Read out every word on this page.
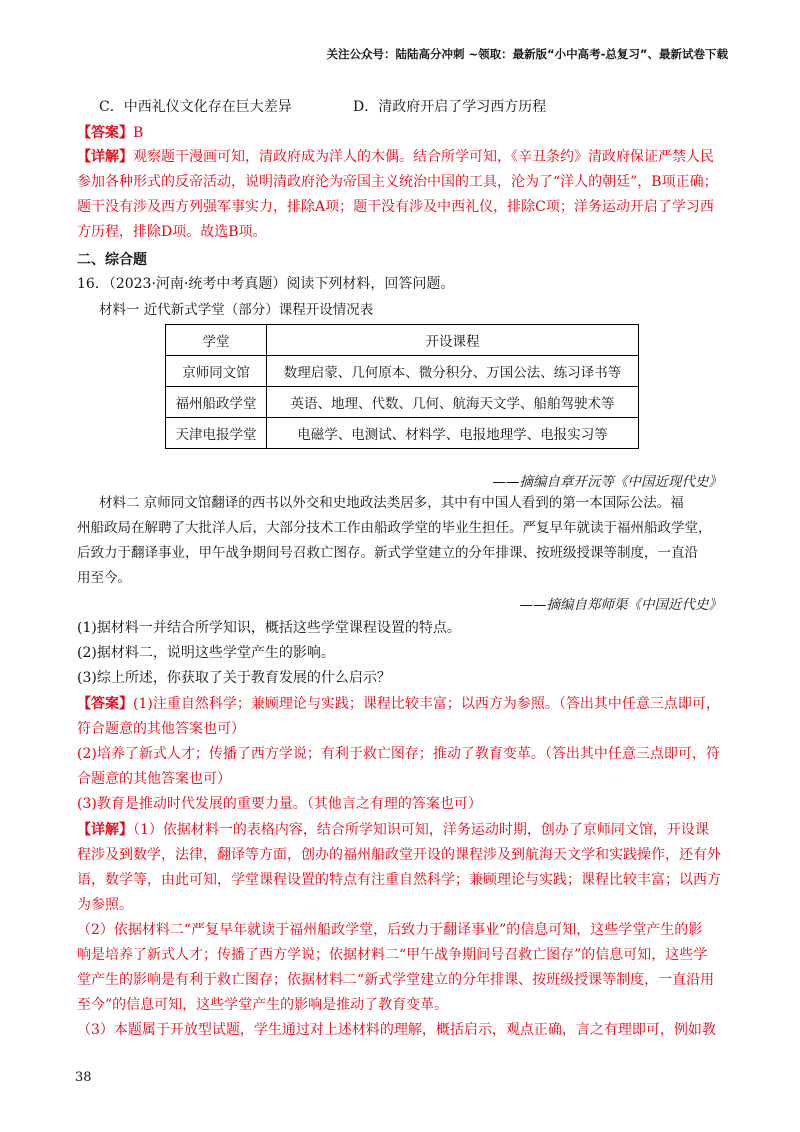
关注公众号：陆陆高分冲刺 ~领取：最新版“小中高考-总复习”、最新试卷下载
C．中西礼仪文化存在巨大差异	D．清政府开启了学习西方历程
【答案】B
【详解】观察题干漫画可知，清政府成为洋人的木偶。结合所学可知，《辛丑条约》清政府保证严禁人民
参加各种形式的反帝活动，说明清政府沦为帝国主义统治中国的工具，沦为了“洋人的朝廷”，B项正确；
题干没有涉及西方列强军事实力，排除A项；题干没有涉及中西礼仪，排除C项；洋务运动开启了学习西
方历程，排除D项。故选B项。
二、综合题
16．（2023·河南·统考中考真题）阅读下列材料，回答问题。
材料一 近代新式学堂（部分）课程开设情况表
学堂	开设课程
京师同文馆	数理启蒙、几何原本、微分积分、万国公法、练习译书等
福州船政学堂	英语、地理、代数、几何、航海天文学、船舶驾驶术等
天津电报学堂	电磁学、电测试、材料学、电报地理学、电报实习等
——摘编自章开沅等《中国近现代史》
材料二 京师同文馆翻译的西书以外交和史地政法类居多，其中有中国人看到的第一本国际公法。福
州船政局在解聘了大批洋人后，大部分技术工作由船政学堂的毕业生担任。严复早年就读于福州船政学堂，
后致力于翻译事业，甲午战争期间号召救亡图存。新式学堂建立的分年排课、按班级授课等制度，一直沿
用至今。
——摘编自郑师渠《中国近代史》
(1)据材料一并结合所学知识，概括这些学堂课程设置的特点。
(2)据材料二，说明这些学堂产生的影响。
(3)综上所述，你获取了关于教育发展的什么启示？
【答案】(1)注重自然科学；兼顾理论与实践；课程比较丰富；以西方为参照。（答出其中任意三点即可，
符合题意的其他答案也可）
(2)培养了新式人才；传播了西方学说；有利于救亡图存；推动了教育变革。（答出其中任意三点即可，符
合题意的其他答案也可）
(3)教育是推动时代发展的重要力量。（其他言之有理的答案也可）
【详解】（1）依据材料一的表格内容，结合所学知识可知，洋务运动时期，创办了京师同文馆，开设课
程涉及到数学，法律，翻译等方面，创办的福州船政堂开设的课程涉及到航海天文学和实践操作，还有外
语，数学等，由此可知，学堂课程设置的特点有注重自然科学；兼顾理论与实践；课程比较丰富；以西方
为参照。
（2）依据材料二“严复早年就读于福州船政学堂，后致力于翻译事业”的信息可知，这些学堂产生的影
响是培养了新式人才；传播了西方学说；依据材料二“甲午战争期间号召救亡图存”的信息可知，这些学
堂产生的影响是有利于救亡图存；依据材料二“新式学堂建立的分年排课、按班级授课等制度，一直沿用
至今”的信息可知，这些学堂产生的影响是推动了教育变革。
（3）本题属于开放型试题，学生通过对上述材料的理解，概括启示，观点正确，言之有理即可，例如教
38
